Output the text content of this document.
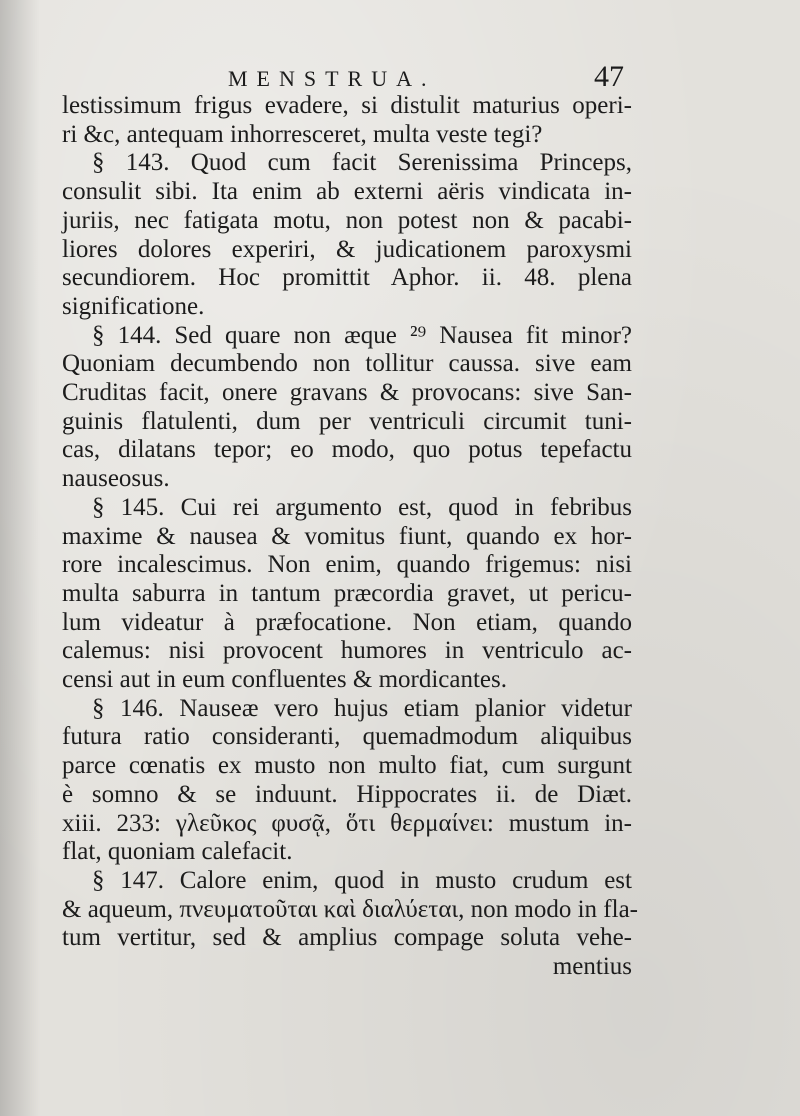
MENSTRUA.	47
lestissimum frigus evadere, si distulit maturius operi-
ri &c, antequam inhorresceret, multa veste tegi?
§ 143. Quod cum facit Serenissima Princeps,
consulit sibi. Ita enim ab externi aëris vindicata in-
juriis, nec fatigata motu, non potest non & pacabi-
liores dolores experiri, & judicationem paroxysmi
secundiorem. Hoc promittit Aphor. ii. 48. plena
significatione.
§ 144. Sed quare non æque ²⁹ Nausea fit minor?
Quoniam decumbendo non tollitur caussa. sive eam
Cruditas facit, onere gravans & provocans: sive San-
guinis flatulenti, dum per ventriculi circumit tuni-
cas, dilatans tepor; eo modo, quo potus tepefactu
nauseosus.
§ 145. Cui rei argumento est, quod in febribus
maxime & nausea & vomitus fiunt, quando ex hor-
rore incalescimus. Non enim, quando frigemus: nisi
multa saburra in tantum præcordia gravet, ut pericu-
lum videatur à præfocatione. Non etiam, quando
calemus: nisi provocent humores in ventriculo ac-
censi aut in eum confluentes & mordicantes.
§ 146. Nauseæ vero hujus etiam planior videtur
futura ratio consideranti, quemadmodum aliquibus
parce cœnatis ex musto non multo fiat, cum surgunt
è somno & se induunt. Hippocrates ii. de Diæt.
xiii. 233: γλεῦκος φυσᾷ, ὅτι θερμαίνει: mustum in-
flat, quoniam calefacit.
§ 147. Calore enim, quod in musto crudum est
& aqueum, πνευματοῦται καὶ διαλύεται, non modo in fla-
tum vertitur, sed & amplius compage soluta vehe-
mentius
